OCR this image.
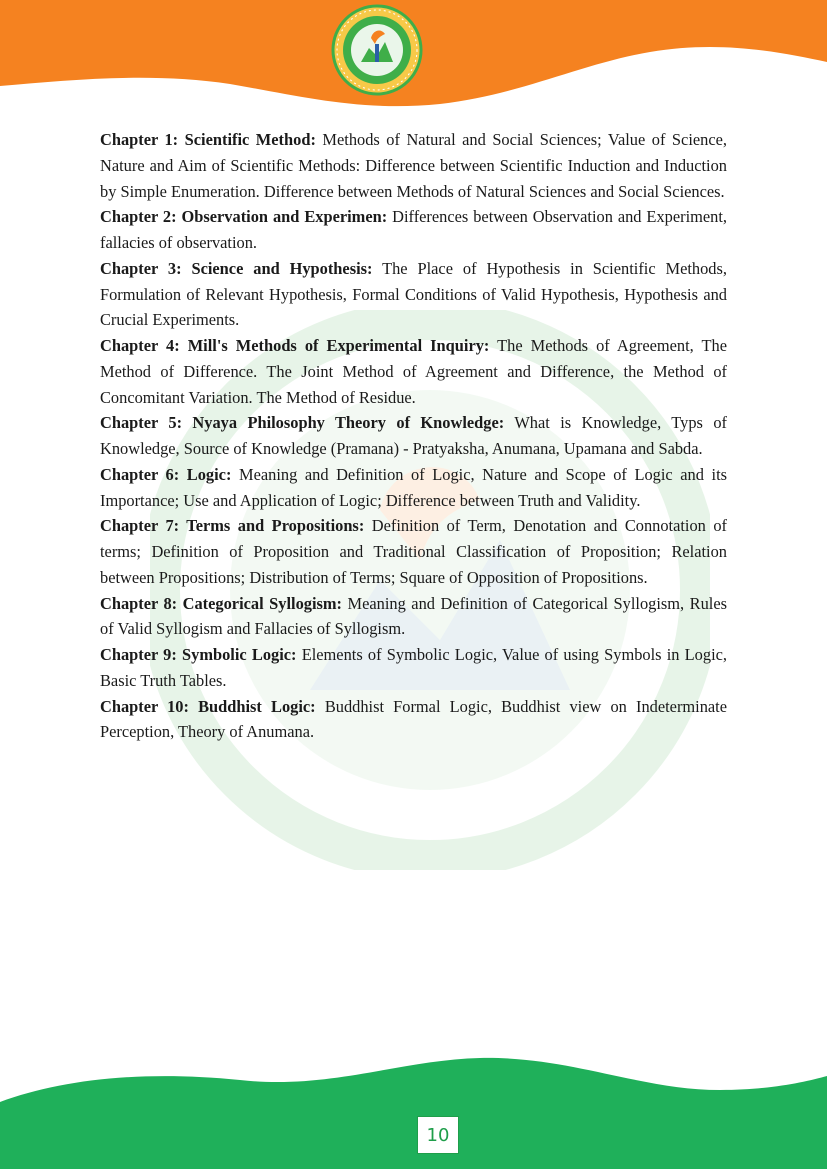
Chapter 1: Scientific Method: Methods of Natural and Social Sciences; Value of Science, Nature and Aim of Scientific Methods: Difference between Scientific Induction and Induction by Simple Enumeration. Difference between Methods of Natural Sciences and Social Sciences.

Chapter 2: Observation and Experimen: Differences between Observation and Experiment, fallacies of observation.

Chapter 3: Science and Hypothesis: The Place of Hypothesis in Scientific Methods, Formulation of Relevant Hypothesis, Formal Conditions of Valid Hypothesis, Hypothesis and Crucial Experiments.

Chapter 4: Mill's Methods of Experimental Inquiry: The Methods of Agreement, The Method of Difference. The Joint Method of Agreement and Difference, the Method of Concomitant Variation. The Method of Residue.

Chapter 5: Nyaya Philosophy Theory of Knowledge: What is Knowledge, Typs of Knowledge, Source of Knowledge (Pramana) - Pratyaksha, Anumana, Upamana and Sabda.

Chapter 6: Logic: Meaning and Definition of Logic, Nature and Scope of Logic and its Importance; Use and Application of Logic; Difference between Truth and Validity.

Chapter 7: Terms and Propositions: Definition of Term, Denotation and Connotation of terms; Definition of Proposition and Traditional Classification of Proposition; Relation between Propositions; Distribution of Terms; Square of Opposition of Propositions.

Chapter 8: Categorical Syllogism: Meaning and Definition of Categorical Syllogism, Rules of Valid Syllogism and Fallacies of Syllogism.

Chapter 9: Symbolic Logic: Elements of Symbolic Logic, Value of using Symbols in Logic, Basic Truth Tables.

Chapter 10: Buddhist Logic: Buddhist Formal Logic, Buddhist view on Indeterminate Perception, Theory of Anumana.

10
